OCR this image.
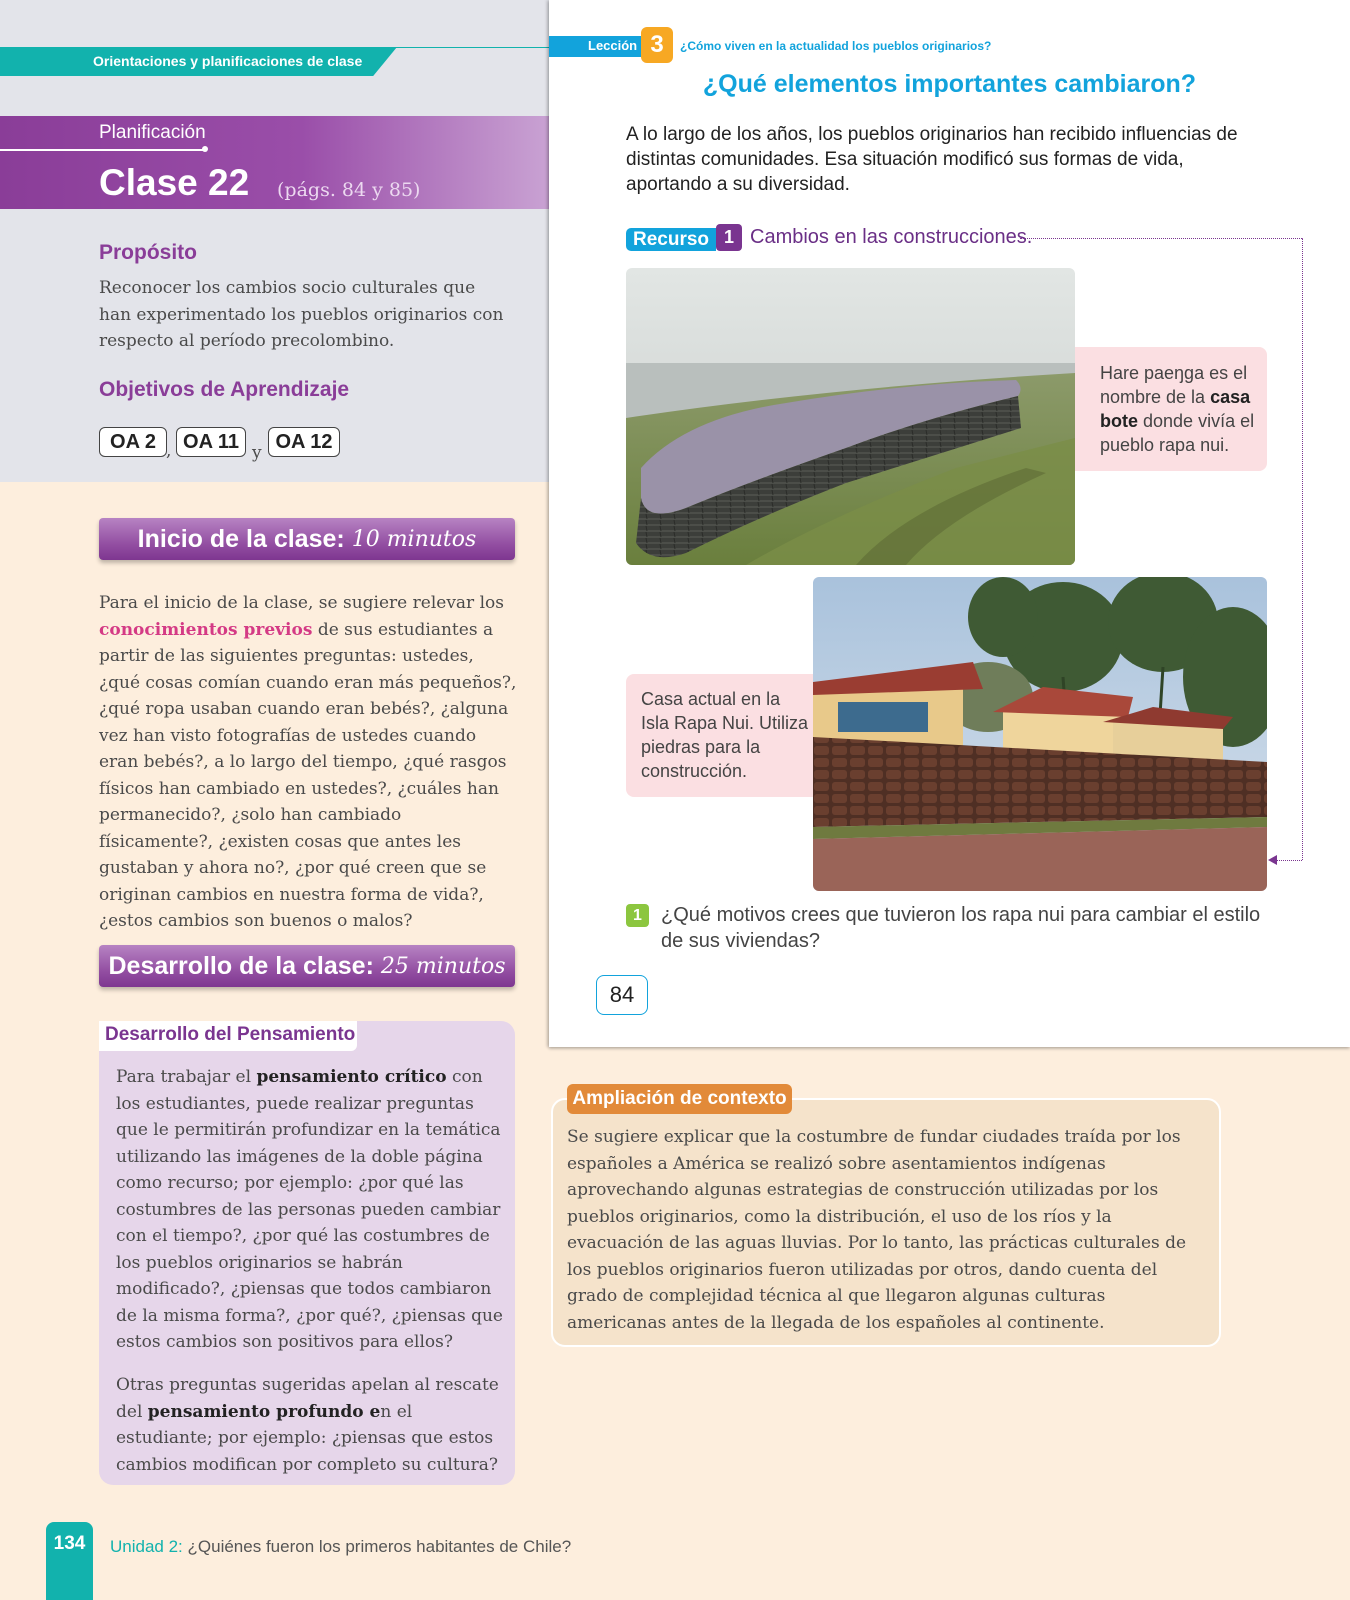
Orientaciones y planificaciones de clase
Planificación
Clase 22 (págs. 84 y 85)
Propósito
Reconocer los cambios socio culturales que han experimentado los pueblos originarios con respecto al período precolombino.
Objetivos de Aprendizaje
OA 2 , OA 11
y
OA 12
Inicio de la clase: 10 minutos
Para el inicio de la clase, se sugiere relevar los conocimientos previos de sus estudiantes a partir de las siguientes preguntas: ustedes, ¿qué cosas comían cuando eran más pequeños?, ¿qué ropa usaban cuando eran bebés?, ¿alguna vez han visto fotografías de ustedes cuando eran bebés?, a lo largo del tiempo, ¿qué rasgos físicos han cambiado en ustedes?, ¿cuáles han permanecido?, ¿solo han cambiado físicamente?, ¿existen cosas que antes les gustaban y ahora no?, ¿por qué creen que se originan cambios en nuestra forma de vida?, ¿estos cambios son buenos o malos?
Desarrollo de la clase: 25 minutos
Desarrollo del Pensamiento
Para trabajar el pensamiento crítico con los estudiantes, puede realizar preguntas que le permitirán profundizar en la temática utilizando las imágenes de la doble página como recurso; por ejemplo: ¿por qué las costumbres de las personas pueden cambiar con el tiempo?, ¿por qué las costumbres de los pueblos originarios se habrán modificado?, ¿piensas que todos cambiaron de la misma forma?, ¿por qué?, ¿piensas que estos cambios son positivos para ellos?
Otras preguntas sugeridas apelan al rescate del pensamiento profundo en el estudiante; por ejemplo: ¿piensas que estos cambios modifican por completo su cultura?
Lección 3	¿Cómo viven en la actualidad los pueblos originarios?
¿Qué elementos importantes cambiaron?
A lo largo de los años, los pueblos originarios han recibido influencias de distintas comunidades. Esa situación modificó sus formas de vida, aportando a su diversidad.
Recurso 1 Cambios en las construcciones.
Hare paeŋga es el nombre de la casa bote donde vivía el pueblo rapa nui.
Casa actual en la Isla Rapa Nui. Utiliza piedras para la construcción.
1 ¿Qué motivos crees que tuvieron los rapa nui para cambiar el estilo de sus viviendas?
84
Ampliación de contexto
Se sugiere explicar que la costumbre de fundar ciudades traída por los españoles a América se realizó sobre asentamientos indígenas aprovechando algunas estrategias de construcción utilizadas por los pueblos originarios, como la distribución, el uso de los ríos y la evacuación de las aguas lluvias. Por lo tanto, las prácticas culturales de los pueblos originarios fueron utilizadas por otros, dando cuenta del grado de complejidad técnica al que llegaron algunas culturas americanas antes de la llegada de los españoles al continente.
134	Unidad 2: ¿Quiénes fueron los primeros habitantes de Chile?
